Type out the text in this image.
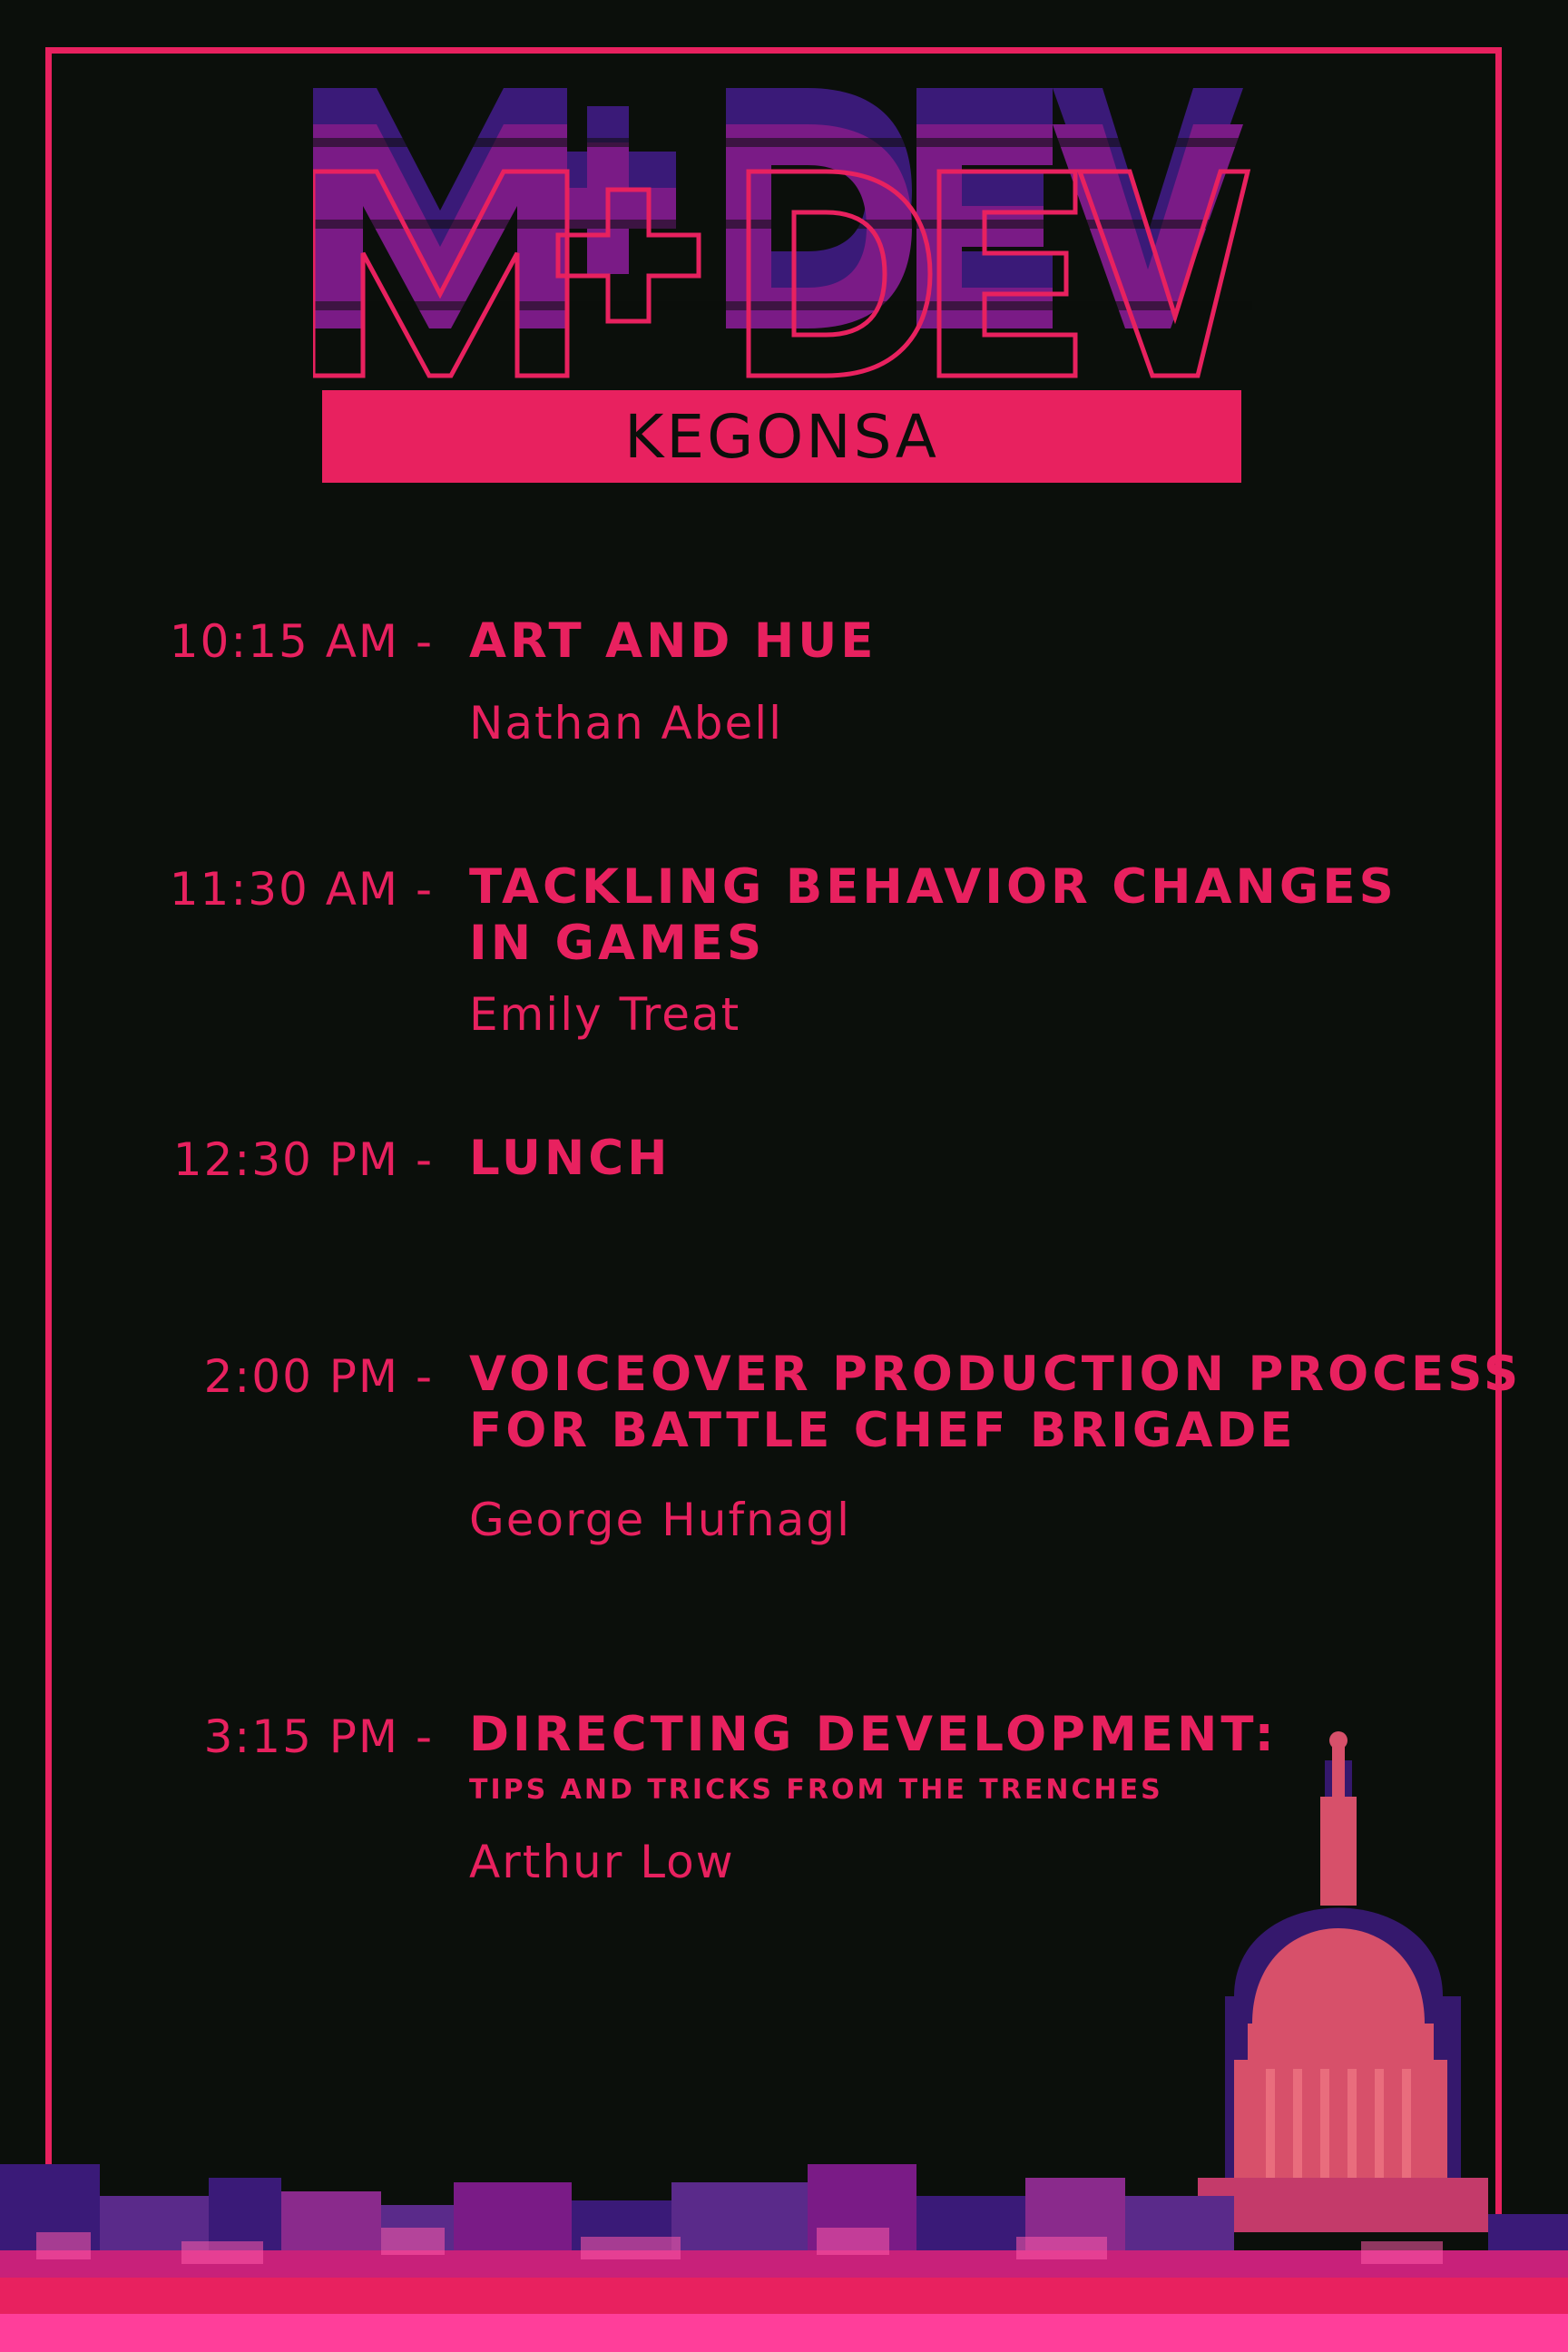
KEGONSA
10:15 AM - ART AND HUE
Nathan Abell
11:30 AM - TACKLING BEHAVIOR CHANGES
IN GAMES
Emily Treat
12:30 PM - LUNCH
2:00 PM - VOICEOVER PRODUCTION PROCESS
FOR BATTLE CHEF BRIGADE
George Hufnagl
3:15 PM - DIRECTING DEVELOPMENT:
TIPS AND TRICKS FROM THE TRENCHES
Arthur Low
